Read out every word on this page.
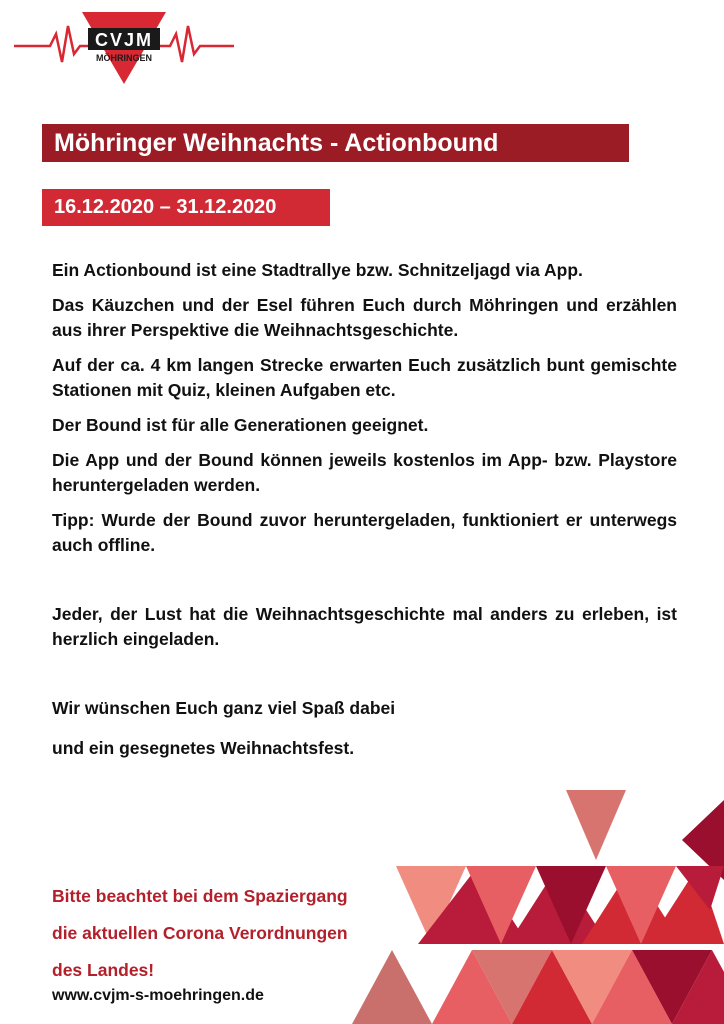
CVJM
MÖHRINGEN
Möhringer Weihnachts - Actionbound
16.12.2020 – 31.12.2020

Ein Actionbound ist eine Stadtrallye bzw. Schnitzeljagd via App.

Das Käuzchen und der Esel führen Euch durch Möhringen und erzählen aus ihrer Perspektive die Weihnachtsgeschichte.

Auf der ca. 4 km langen Strecke erwarten Euch zusätzlich bunt gemischte Stationen mit Quiz, kleinen Aufgaben etc.

Der Bound ist für alle Generationen geeignet.

Die App und der Bound können jeweils kostenlos im App- bzw. Playstore heruntergeladen werden.

Tipp: Wurde der Bound zuvor heruntergeladen, funktioniert er unterwegs auch offline.

Jeder, der Lust hat die Weihnachtsgeschichte mal anders zu erleben, ist herzlich eingeladen.

Wir wünschen Euch ganz viel Spaß dabei

und ein gesegnetes Weihnachtsfest.

Bitte beachtet bei dem Spaziergang
die aktuellen Corona Verordnungen
des Landes!
www.cvjm-s-moehringen.de
